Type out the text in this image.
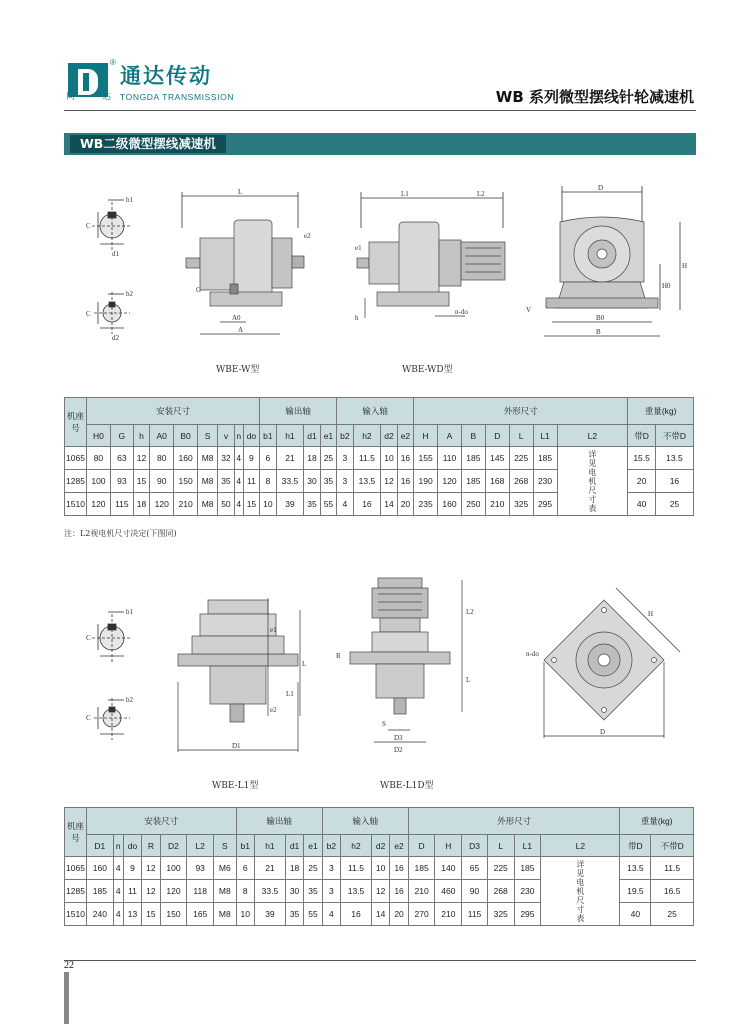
同	达
通达传动
TONGDA TRANSMISSION
®
WB 系列微型摆线针轮减速机
WB二级微型摆线减速机
b1
C
d1
b2
C
d2
L
G
A0
A
e2
WBE-W型
L1	L2
h
n-do
e1
WBE-WD型
D
H
H0
B0
B
V
机座号	安装尺寸									输出轴				输入轴				外形尺寸							重量(kg)	
	H0	G	h	A0	B0	S	v	n	do	b1	h1	d1	e1	b2	h2	d2	e2	H	A	B	D	L	L1	L2	带D	不带D
1065	80	63	12	80	160	M8	32	4	9	6	21	18	25	3	11.5	10	16	155	110	185	145	225	185	详见电机尺寸表	15.5	13.5
1285	100	93	15	90	150	M8	35	4	11	8	33.5	30	35	3	13.5	12	16	190	120	185	168	268	230		20	16
1510	120	115	18	120	210	M8	50	4	15	10	39	35	55	4	16	14	20	235	160	250	210	325	295		40	25
注：L2视电机尺寸决定(下图同)
b1
C
b2
C
e1
e2
L
L1
D1
WBE-L1型
L2
L
R
S
D3
D2
WBE-L1D型
H
n-do
D
机座号	安装尺寸							输出轴				输入轴				外形尺寸						重量(kg)	
	D1	n	do	R	D2	L2	S	b1	h1	d1	e1	b2	h2	d2	e2	D	H	D3	L	L1	L2	带D	不带D
1065	160	4	9	12	100	93	M6	6	21	18	25	3	11.5	10	16	185	140	65	225	185	详见电机尺寸表	13.5	11.5
1285	185	4	11	12	120	118	M8	8	33.5	30	35	3	13.5	12	16	210	460	90	268	230		19.5	16.5
1510	240	4	13	15	150	165	M8	10	39	35	55	4	16	14	20	270	210	115	325	295		40	25
22
